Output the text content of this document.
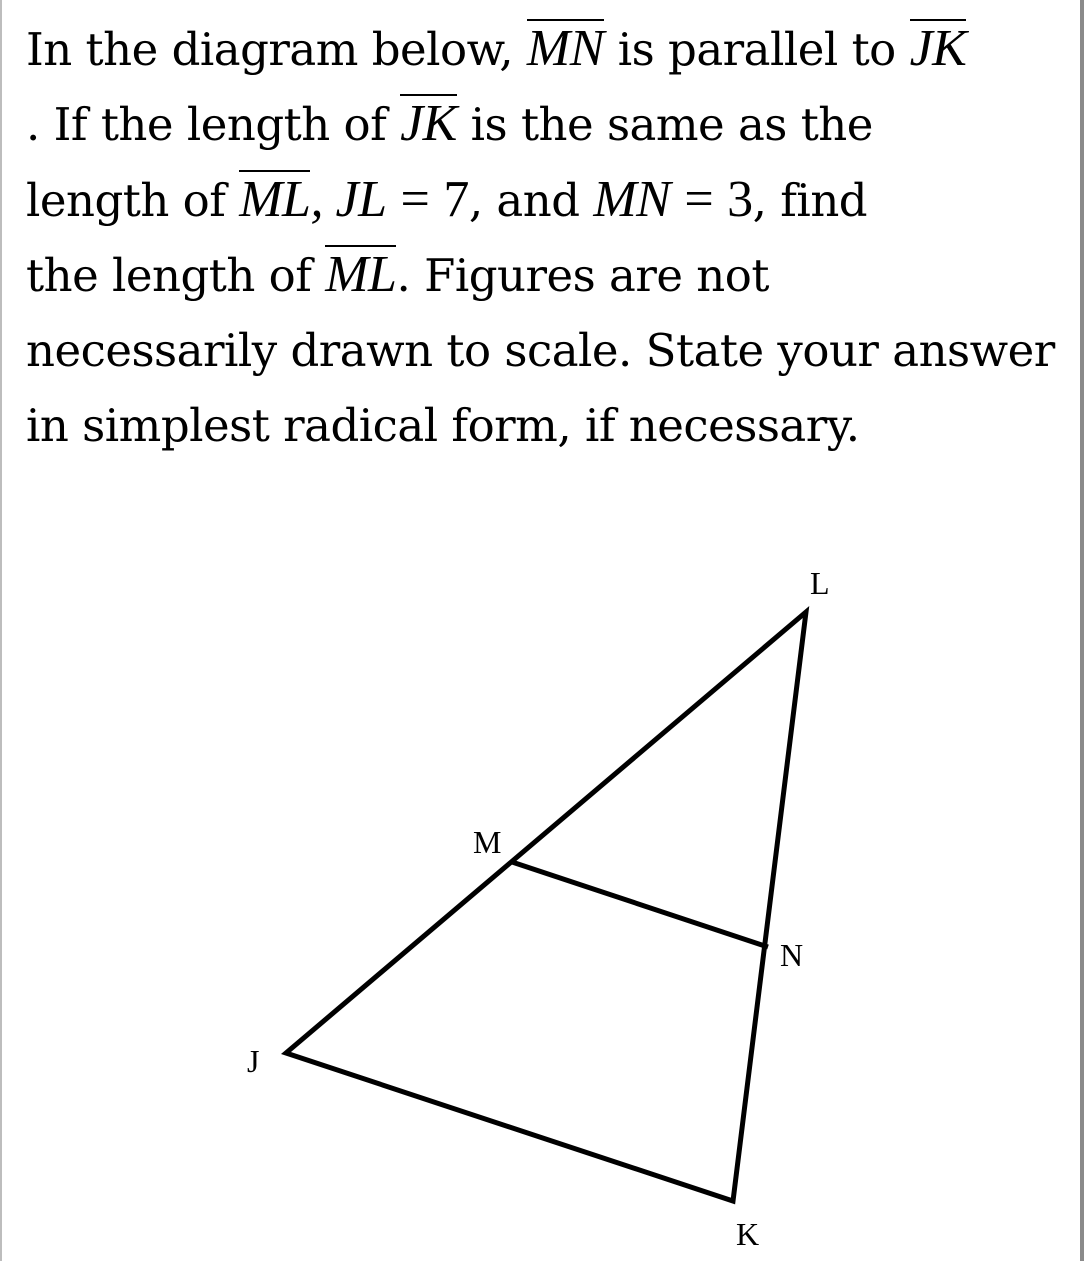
In the diagram below, MN is parallel to JK
. If the length of JK is the same as the
length of ML, JL = 7, and MN = 3, find
the length of ML. Figures are not
necessarily drawn to scale. State your answer
in simplest radical form, if necessary.
L
M
N
J
K
